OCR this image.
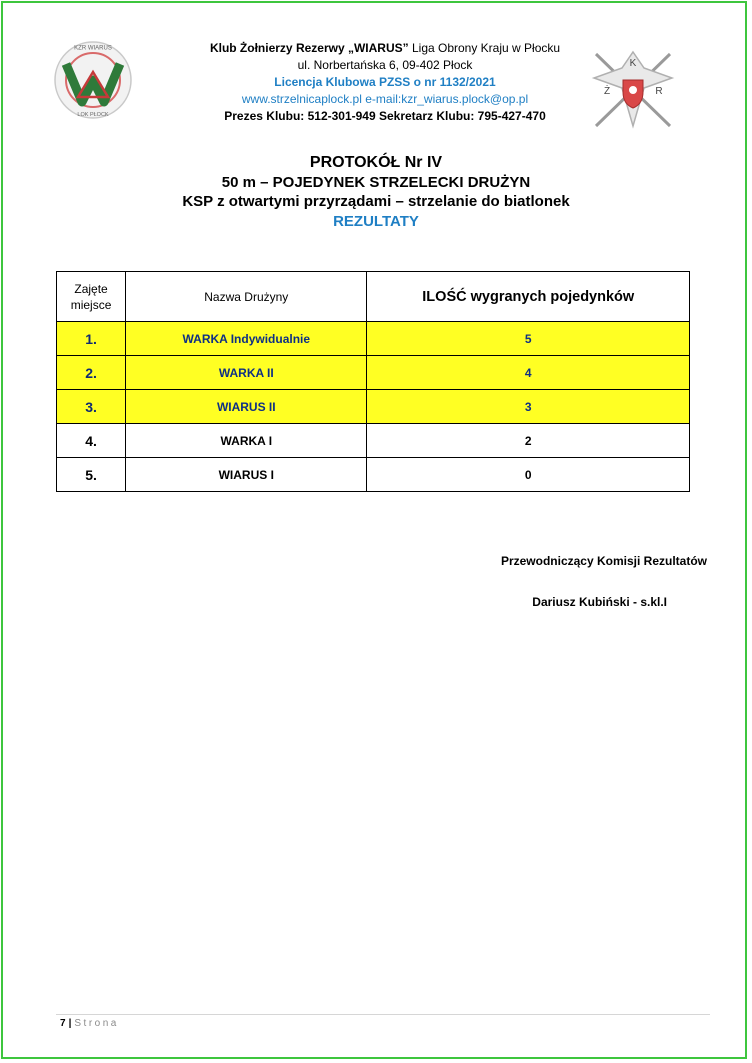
KZR WIARUS
LOK PŁOCK
K
Ż	R
Klub Żołnierzy Rezerwy „WIARUS” Liga Obrony Kraju w Płocku
ul. Norbertańska 6, 09-402 Płock
Licencja Klubowa PZSS o nr 1132/2021
www.strzelnicaplock.pl e-mail:kzr_wiarus.plock@op.pl
Prezes Klubu: 512-301-949 Sekretarz Klubu: 795-427-470
PROTOKÓŁ Nr IV
50 m – POJEDYNEK STRZELECKI DRUŻYN
KSP z otwartymi przyrządami – strzelanie do biatlonek
REZULTATY
Zajęte miejsce	Nazwa Drużyny	ILOŚĆ wygranych pojedynków
1.	WARKA Indywidualnie	5
2.	WARKA II	4
3.	WIARUS II	3
4.	WARKA I	2
5.	WIARUS I	0
Przewodniczący Komisji Rezultatów
Dariusz Kubiński - s.kl.I
7 | Strona
